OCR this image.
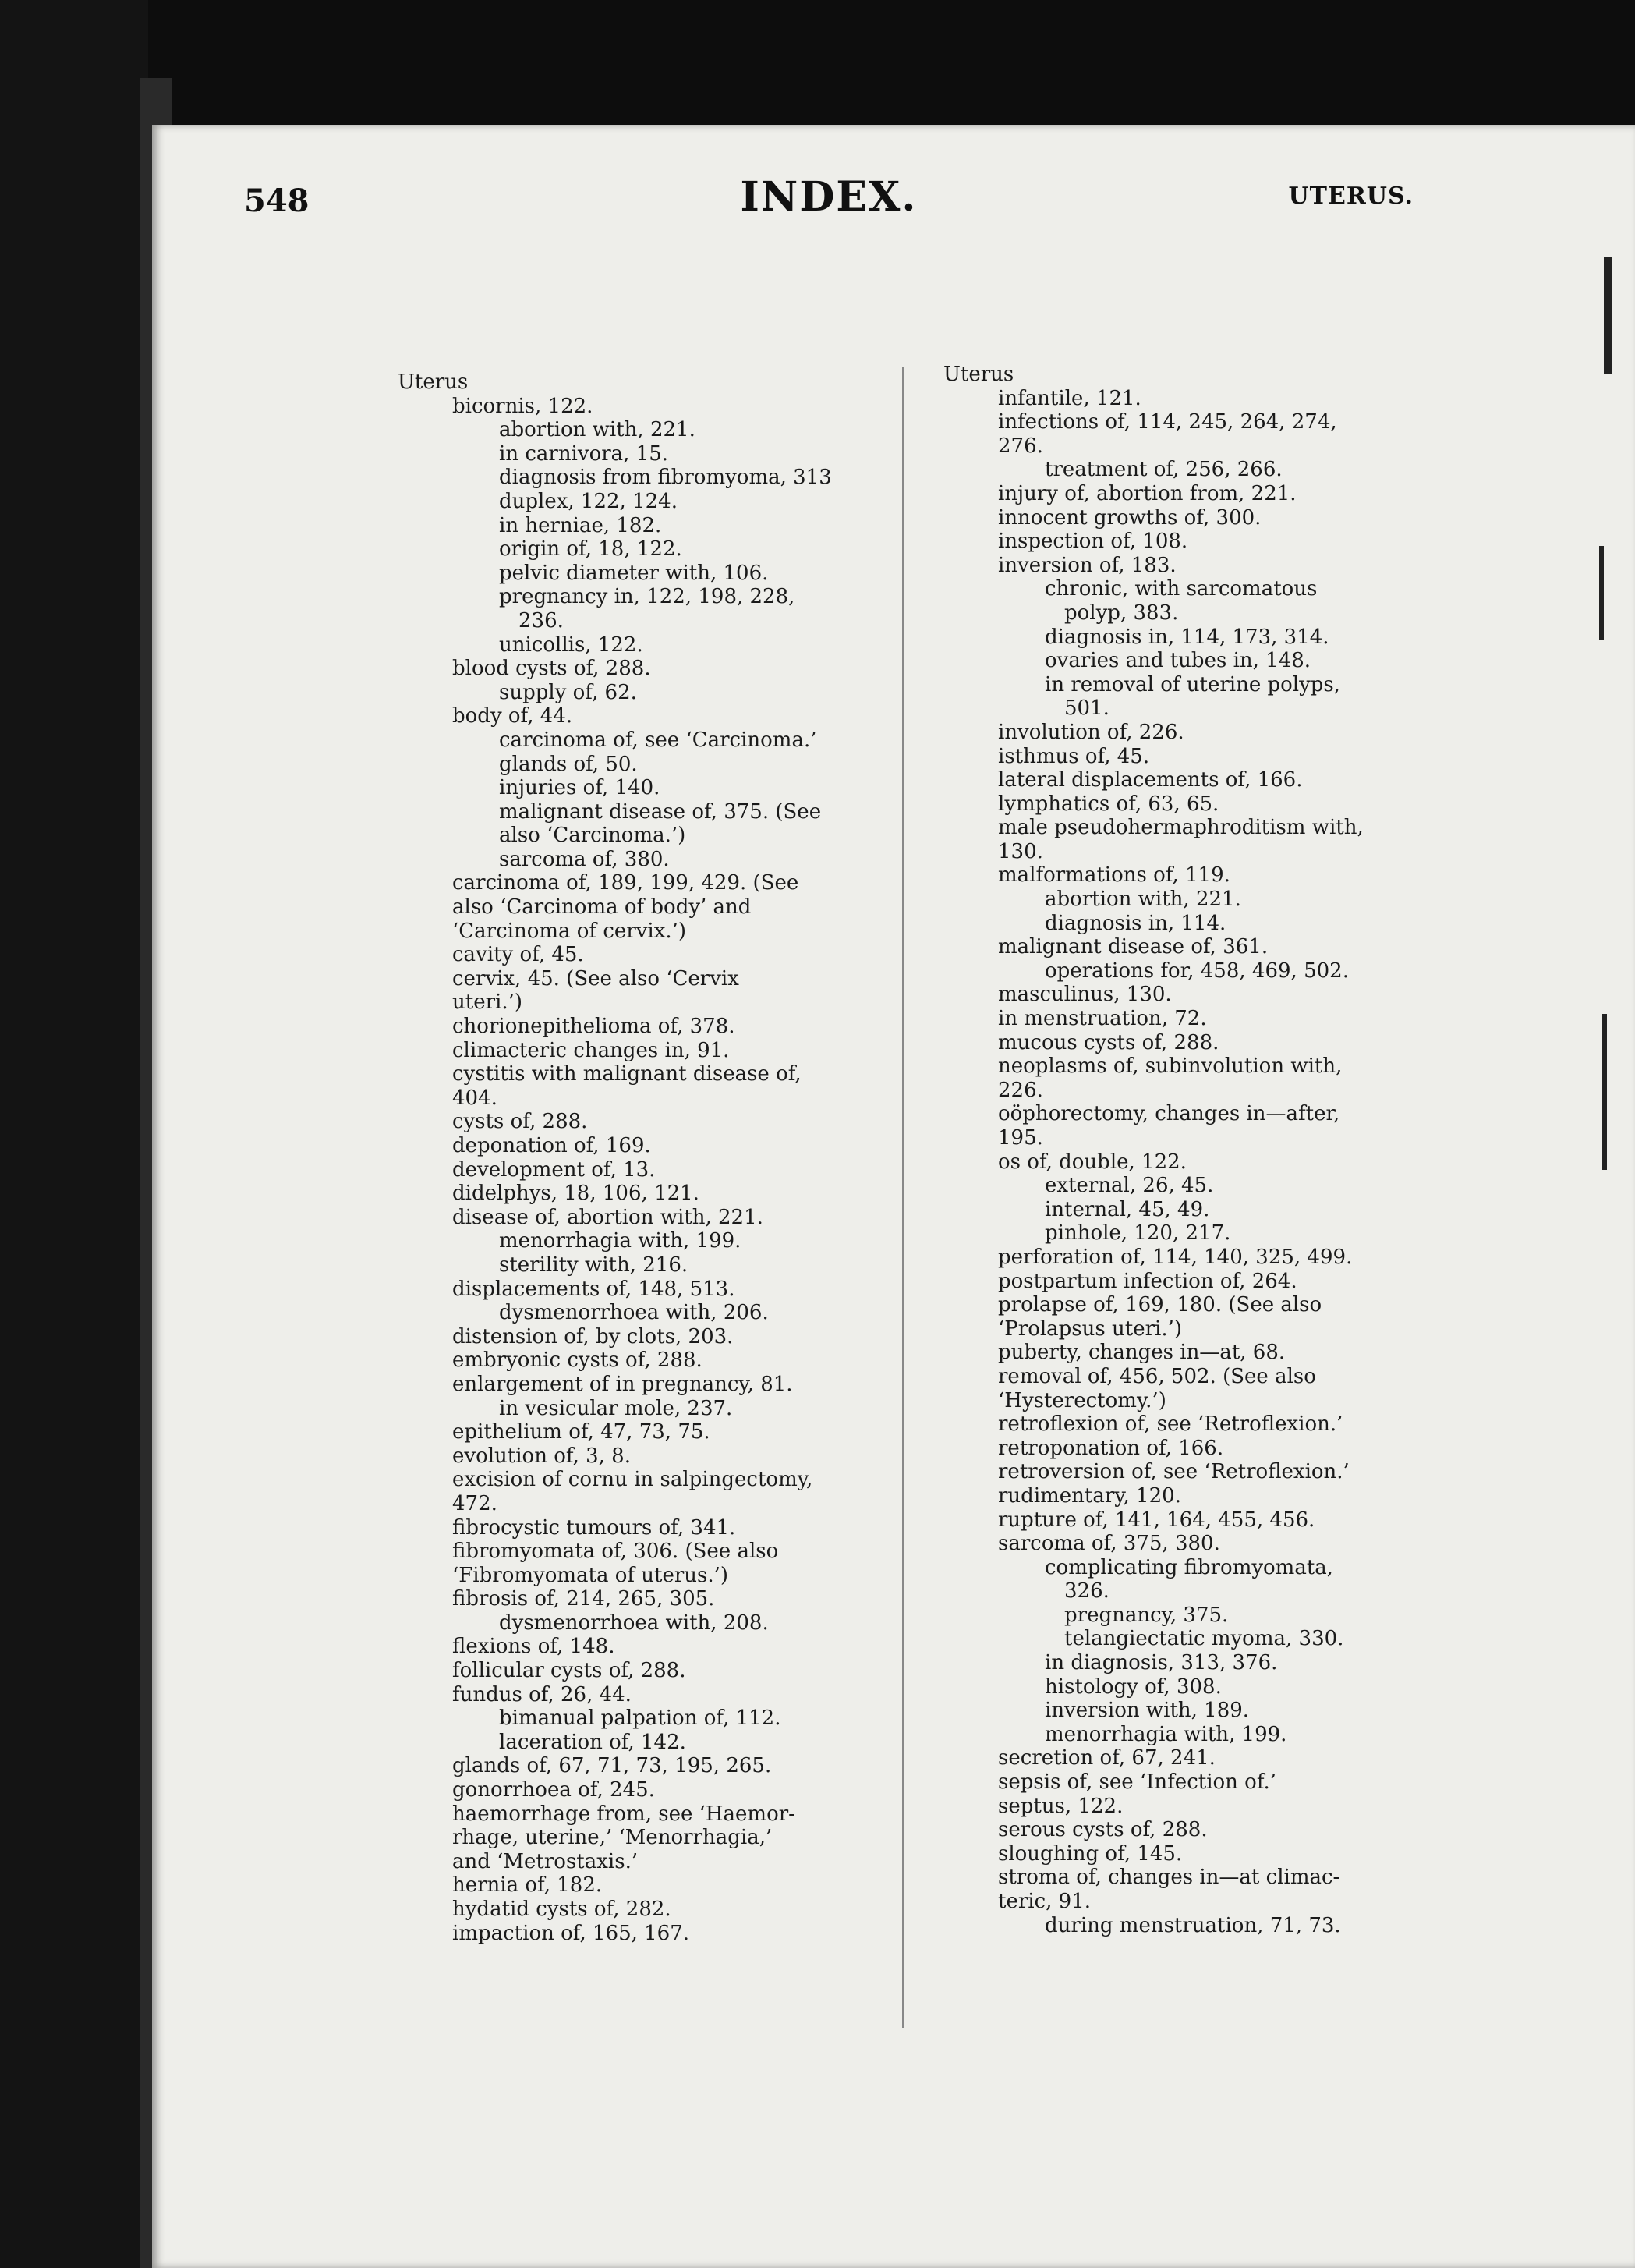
548	INDEX.	UTERUS.
Uterus
bicornis, 122.
abortion with, 221.
in carnivora, 15.
diagnosis from fibromyoma, 313
duplex, 122, 124.
in herniae, 182.
origin of, 18, 122.
pelvic diameter with, 106.
pregnancy in, 122, 198, 228,
236.
unicollis, 122.
blood cysts of, 288.
supply of, 62.
body of, 44.
carcinoma of, see ‘Carcinoma.’
glands of, 50.
injuries of, 140.
malignant disease of, 375. (See
also ‘Carcinoma.’)
sarcoma of, 380.
carcinoma of, 189, 199, 429. (See
also ‘Carcinoma of body’ and
‘Carcinoma of cervix.’)
cavity of, 45.
cervix, 45. (See also ‘Cervix
uteri.’)
chorionepithelioma of, 378.
climacteric changes in, 91.
cystitis with malignant disease of,
404.
cysts of, 288.
deponation of, 169.
development of, 13.
didelphys, 18, 106, 121.
disease of, abortion with, 221.
menorrhagia with, 199.
sterility with, 216.
displacements of, 148, 513.
dysmenorrhoea with, 206.
distension of, by clots, 203.
embryonic cysts of, 288.
enlargement of in pregnancy, 81.
in vesicular mole, 237.
epithelium of, 47, 73, 75.
evolution of, 3, 8.
excision of cornu in salpingectomy,
472.
fibrocystic tumours of, 341.
fibromyomata of, 306. (See also
‘Fibromyomata of uterus.’)
fibrosis of, 214, 265, 305.
dysmenorrhoea with, 208.
flexions of, 148.
follicular cysts of, 288.
fundus of, 26, 44.
bimanual palpation of, 112.
laceration of, 142.
glands of, 67, 71, 73, 195, 265.
gonorrhoea of, 245.
haemorrhage from, see ‘Haemor-
rhage, uterine,’ ‘Menorrhagia,’
and ‘Metrostaxis.’
hernia of, 182.
hydatid cysts of, 282.
impaction of, 165, 167.
Uterus
infantile, 121.
infections of, 114, 245, 264, 274,
276.
treatment of, 256, 266.
injury of, abortion from, 221.
innocent growths of, 300.
inspection of, 108.
inversion of, 183.
chronic, with sarcomatous
polyp, 383.
diagnosis in, 114, 173, 314.
ovaries and tubes in, 148.
in removal of uterine polyps,
501.
involution of, 226.
isthmus of, 45.
lateral displacements of, 166.
lymphatics of, 63, 65.
male pseudohermaphroditism with,
130.
malformations of, 119.
abortion with, 221.
diagnosis in, 114.
malignant disease of, 361.
operations for, 458, 469, 502.
masculinus, 130.
in menstruation, 72.
mucous cysts of, 288.
neoplasms of, subinvolution with,
226.
oöphorectomy, changes in—after,
195.
os of, double, 122.
external, 26, 45.
internal, 45, 49.
pinhole, 120, 217.
perforation of, 114, 140, 325, 499.
postpartum infection of, 264.
prolapse of, 169, 180. (See also
‘Prolapsus uteri.’)
puberty, changes in—at, 68.
removal of, 456, 502. (See also
‘Hysterectomy.’)
retroflexion of, see ‘Retroflexion.’
retroponation of, 166.
retroversion of, see ‘Retroflexion.’
rudimentary, 120.
rupture of, 141, 164, 455, 456.
sarcoma of, 375, 380.
complicating fibromyomata,
326.
pregnancy, 375.
telangiectatic myoma, 330.
in diagnosis, 313, 376.
histology of, 308.
inversion with, 189.
menorrhagia with, 199.
secretion of, 67, 241.
sepsis of, see ‘Infection of.’
septus, 122.
serous cysts of, 288.
sloughing of, 145.
stroma of, changes in—at climac-
teric, 91.
during menstruation, 71, 73.
